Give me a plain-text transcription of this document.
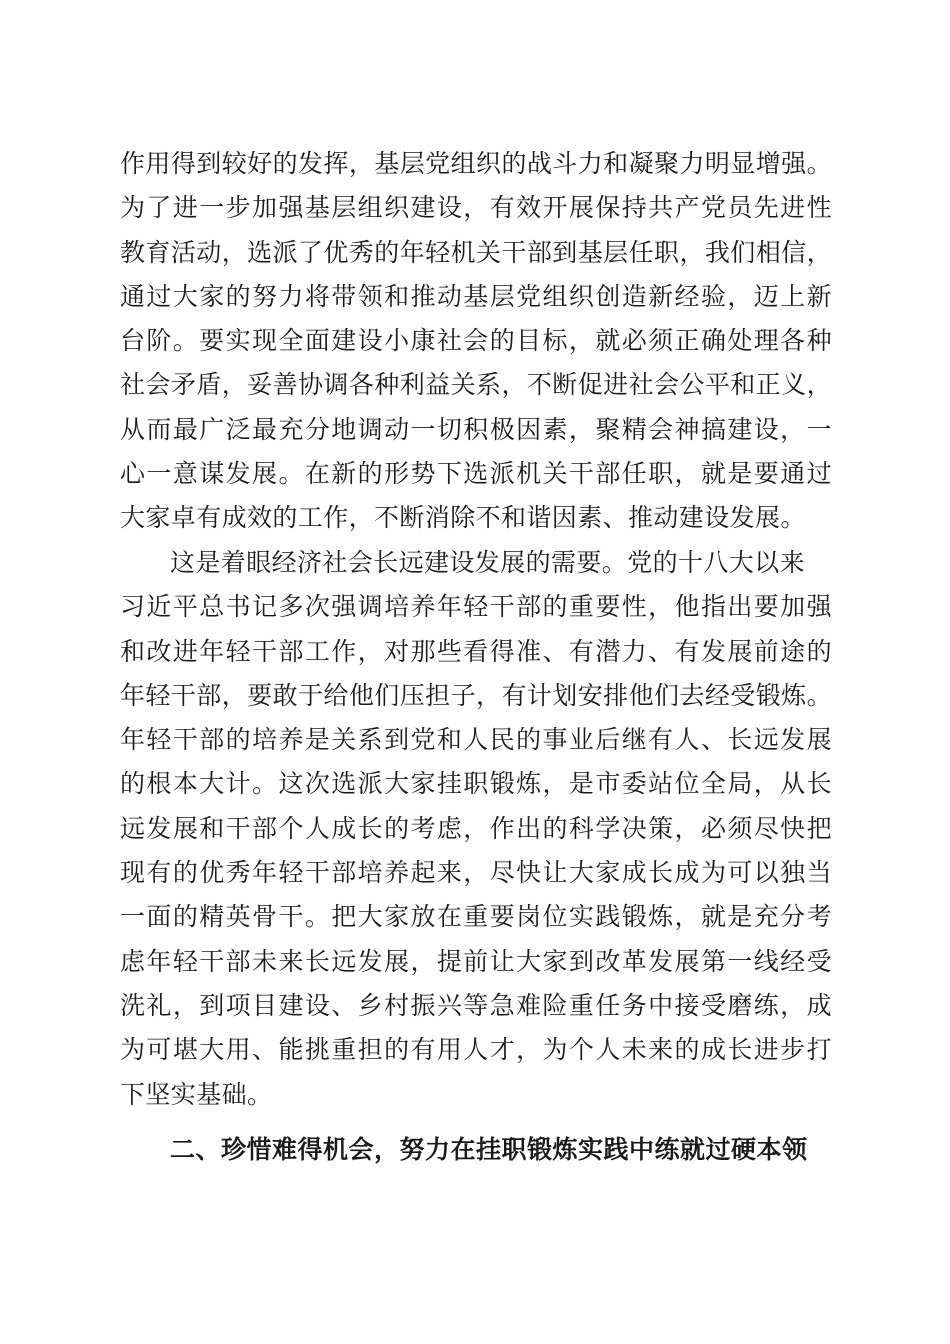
作用得到较好的发挥，基层党组织的战斗力和凝聚力明显增强。
为了进一步加强基层组织建设，有效开展保持共产党员先进性
教育活动，选派了优秀的年轻机关干部到基层任职，我们相信，
通过大家的努力将带领和推动基层党组织创造新经验，迈上新
台阶。要实现全面建设小康社会的目标，就必须正确处理各种
社会矛盾，妥善协调各种利益关系，不断促进社会公平和正义，
从而最广泛最充分地调动一切积极因素，聚精会神搞建设，一
心一意谋发展。在新的形势下选派机关干部任职，就是要通过
大家卓有成效的工作，不断消除不和谐因素、推动建设发展。
这是着眼经济社会长远建设发展的需要。党的十八大以来
习近平总书记多次强调培养年轻干部的重要性，他指出要加强
和改进年轻干部工作，对那些看得准、有潜力、有发展前途的
年轻干部，要敢于给他们压担子，有计划安排他们去经受锻炼。
年轻干部的培养是关系到党和人民的事业后继有人、长远发展
的根本大计。这次选派大家挂职锻炼，是市委站位全局，从长
远发展和干部个人成长的考虑，作出的科学决策，必须尽快把
现有的优秀年轻干部培养起来，尽快让大家成长成为可以独当
一面的精英骨干。把大家放在重要岗位实践锻炼，就是充分考
虑年轻干部未来长远发展，提前让大家到改革发展第一线经受
洗礼，到项目建设、乡村振兴等急难险重任务中接受磨练，成
为可堪大用、能挑重担的有用人才，为个人未来的成长进步打
下坚实基础。
二、珍惜难得机会，努力在挂职锻炼实践中练就过硬本领
